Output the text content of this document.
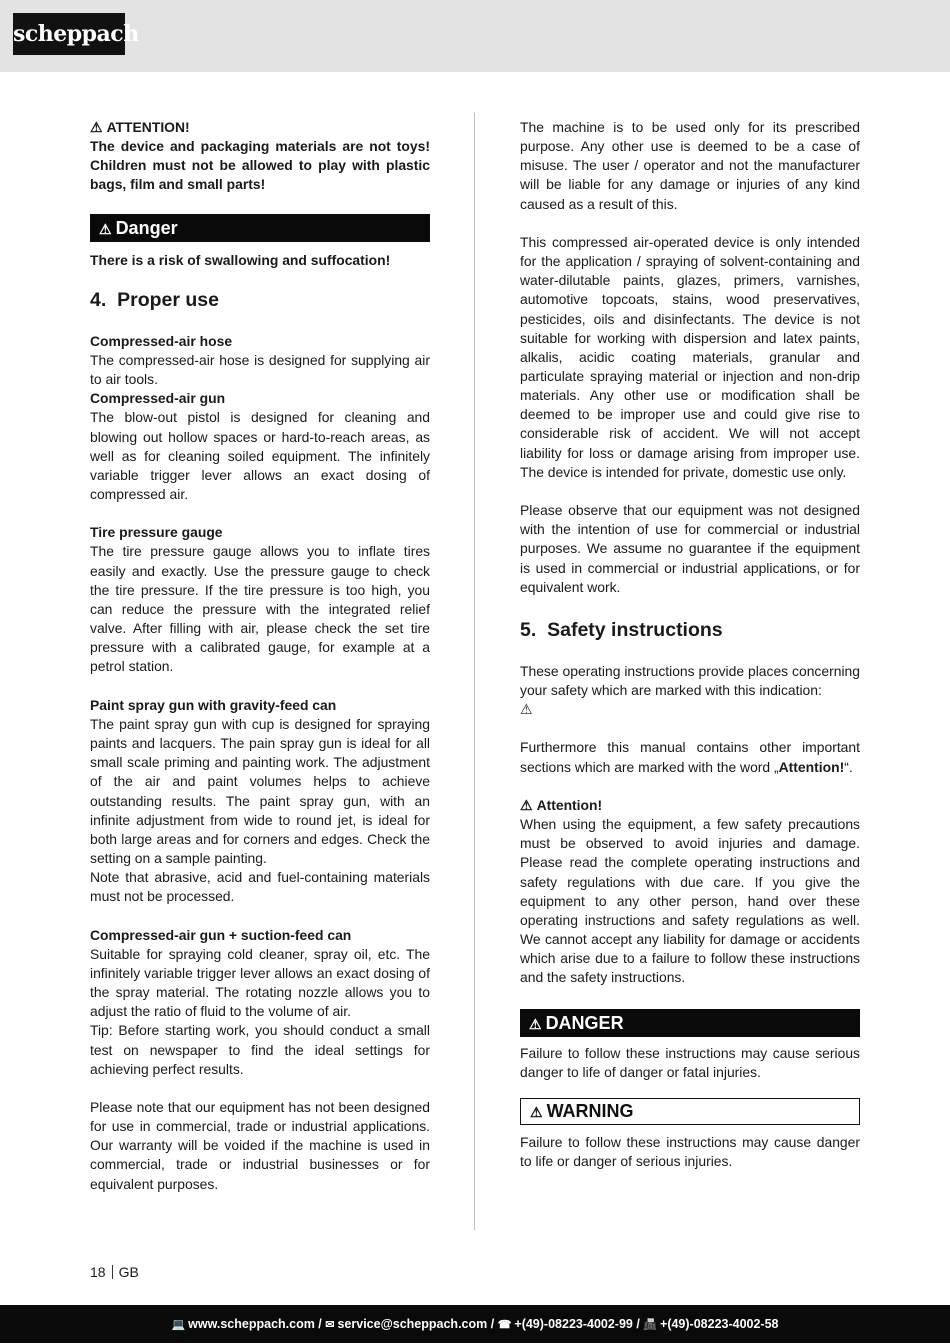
scheppach

⚠ ATTENTION!

The device and packaging materials are not toys! Children must not be allowed to play with plastic bags, film and small parts!

⚠ Danger

There is a risk of swallowing and suffocation!

4. Proper use

Compressed-air hose

The compressed-air hose is designed for supplying air to air tools.

Compressed-air gun

The blow-out pistol is designed for cleaning and blowing out hollow spaces or hard-to-reach areas, as well as for cleaning soiled equipment. The infinitely variable trigger lever allows an exact dosing of compressed air.

Tire pressure gauge

The tire pressure gauge allows you to inflate tires easily and exactly. Use the pressure gauge to check the tire pressure. If the tire pressure is too high, you can reduce the pressure with the integrated relief valve. After filling with air, please check the set tire pressure with a calibrated gauge, for example at a petrol station.

Paint spray gun with gravity-feed can

The paint spray gun with cup is designed for spraying paints and lacquers. The pain spray gun is ideal for all small scale priming and painting work. The adjustment of the air and paint volumes helps to achieve outstanding results. The paint spray gun, with an infinite adjustment from wide to round jet, is ideal for both large areas and for corners and edges. Check the setting on a sample painting.

Note that abrasive, acid and fuel-containing materials must not be processed.

Compressed-air gun + suction-feed can

Suitable for spraying cold cleaner, spray oil, etc. The infinitely variable trigger lever allows an exact dosing of the spray material. The rotating nozzle allows you to adjust the ratio of fluid to the volume of air.

Tip: Before starting work, you should conduct a small test on newspaper to find the ideal settings for achieving perfect results.

Please note that our equipment has not been designed for use in commercial, trade or industrial applications. Our warranty will be voided if the machine is used in commercial, trade or industrial businesses or for equivalent purposes.

The machine is to be used only for its prescribed purpose. Any other use is deemed to be a case of misuse. The user / operator and not the manufacturer will be liable for any damage or injuries of any kind caused as a result of this.

This compressed air-operated device is only intended for the application / spraying of solvent-containing and water-dilutable paints, glazes, primers, varnishes, automotive topcoats, stains, wood preservatives, pesticides, oils and disinfectants. The device is not suitable for working with dispersion and latex paints, alkalis, acidic coating materials, granular and particulate spraying material or injection and non-drip materials. Any other use or modification shall be deemed to be improper use and could give rise to considerable risk of accident. We will not accept liability for loss or damage arising from improper use. The device is intended for private, domestic use only.

Please observe that our equipment was not designed with the intention of use for commercial or industrial purposes. We assume no guarantee if the equipment is used in commercial or industrial applications, or for equivalent work.

5. Safety instructions

These operating instructions provide places concerning your safety which are marked with this indication:
⚠

Furthermore this manual contains other important sections which are marked with the word „Attention!“.

⚠ Attention!

When using the equipment, a few safety precautions must be observed to avoid injuries and damage. Please read the complete operating instructions and safety regulations with due care. If you give the equipment to any other person, hand over these operating instructions and safety regulations as well. We cannot accept any liability for damage or accidents which arise due to a failure to follow these instructions and the safety instructions.

⚠ DANGER

Failure to follow these instructions may cause serious danger to life of danger or fatal injuries.

⚠ WARNING

Failure to follow these instructions may cause danger to life or danger of serious injuries.

18 GB
💻 www.scheppach.com / ✉ service@scheppach.com / ☎ +(49)-08223-4002-99 / 📠 +(49)-08223-4002-58
